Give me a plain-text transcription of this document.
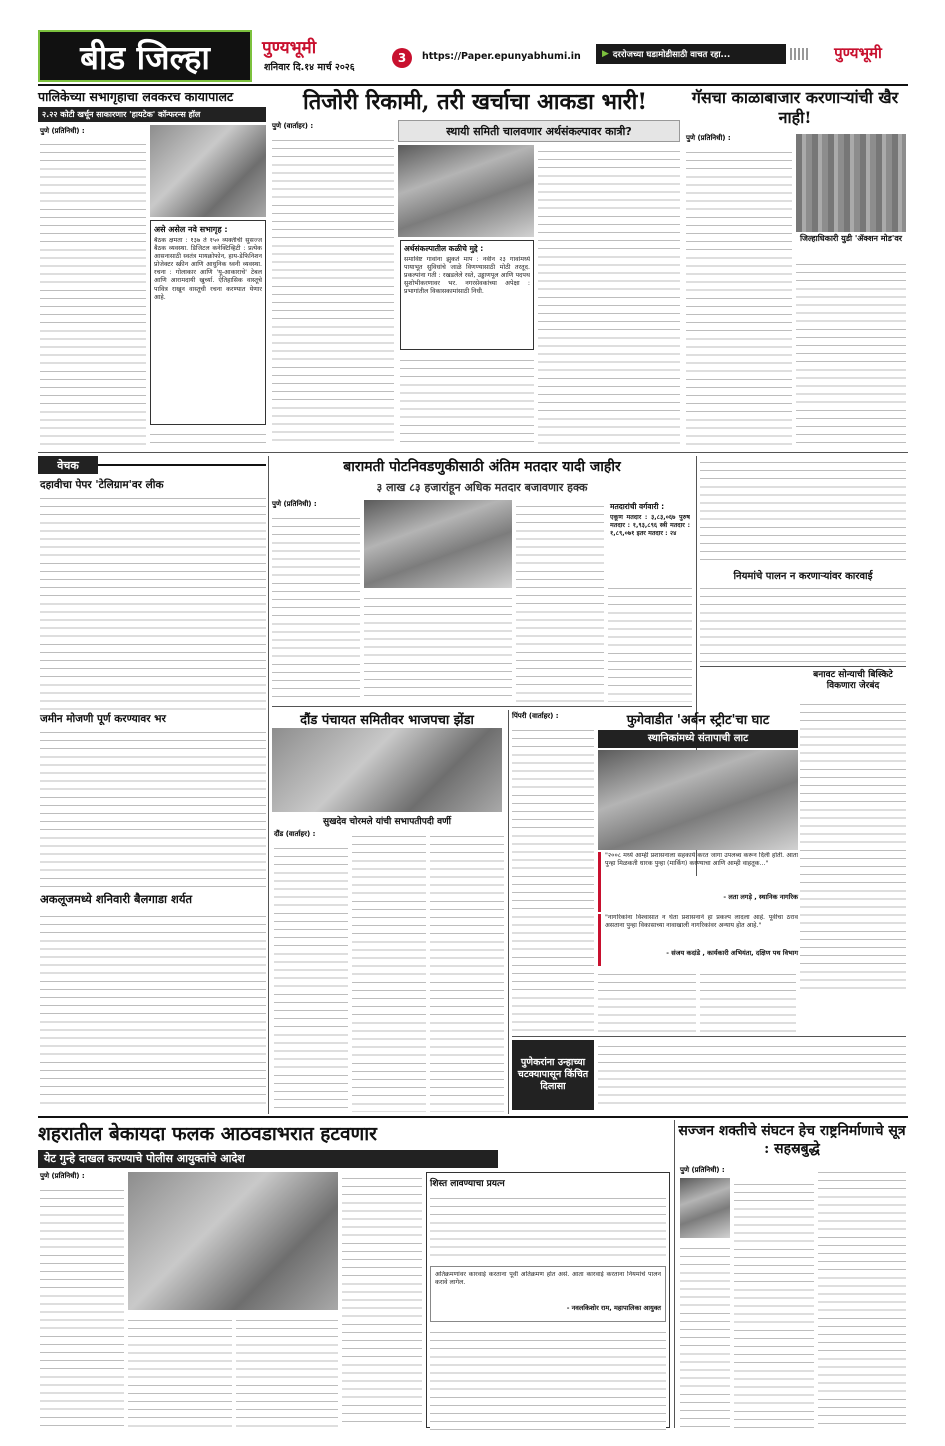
बीड जिल्हा	पुण्यभूमी
शनिवार दि.१४ मार्च २०२६
3 https://Paper.epunyabhumi.in ▶ दररोजच्या घडामोडीसाठी वाचत रहा...	पुण्यभूमी
पालिकेच्या सभागृहाचा लवकरच कायापालट
२.२२ कोटी खर्चून साकारणार 'हायटेक' कॉन्फरन्स हॉल
पुणे (प्रतिनिधी) :
असे असेल नवे सभागृह :
बैठक क्षमता : १३७ ते १५० व्यक्तींची सुसज्ज बैठक व्यवस्था. डिजिटल कनेक्टिव्हिटी : प्रत्येक आसनासाठी स्वतंत्र मायक्रोफोन, हाय-डेफिनिशन प्रोजेक्टर स्क्रीन आणि आधुनिक ध्वनी व्यवस्था. रचना : गोलाकार आणि 'यू-आकाराचे' टेबल आणि आरामदायी खुर्च्या. ऐतिहासिक वास्तूचे पावित्र राखून वास्तूची रचना करण्यात येणार आहे.
तिजोरी रिकामी, तरी खर्चाचा आकडा भारी!
पुणे (वार्ताहर) :	स्थायी समिती चालवणार अर्थसंकल्पावर कात्री?
अर्थसंकल्पातील कळीचे मुद्दे :
समाविष्ट गावांना झुकते माप : नवीन २३ गावांमध्ये पायाभूत सुविधांचे जाळे विणण्यासाठी मोठी तरतूद. प्रकल्पांना गती : रखडलेले रस्ते, उड्डाणपूल आणि पदपथ सुशोभीकरणावर भर. नगरसेवकांच्या अपेक्षा : प्रभागांतील विकासकामांसाठी निधी.
गॅसचा काळाबाजार करणाऱ्यांची खैर नाही!
पुणे (प्रतिनिधी) :
जिल्हाधिकारी युडी 'ॲक्शन मोड'वर
वेचक
दहावीचा पेपर 'टेलिग्राम'वर लीक
जमीन मोजणी पूर्ण करण्यावर भर
अकलूजमध्ये शनिवारी बैलगाडा शर्यत
बारामती पोटनिवडणुकीसाठी अंतिम मतदार यादी जाहीर
३ लाख ८३ हजारांहून अधिक मतदार बजावणार हक्क
पुणे (प्रतिनिधी) :	मतदारांची वर्गवारी :
एकूण मतदार : ३,८३,०६७ पुरुष मतदार : १,९३,८९६ स्त्री मतदार : १,८९,०७१ इतर मतदार : २४
नियमांचे पालन न करणाऱ्यांवर कारवाई
बनावट सोन्याची बिस्किटे विकणारा जेरबंद
दौंड पंचायत समितीवर भाजपचा झेंडा
सुखदेव चोरमले यांची सभापतीपदी वर्णी
दौंड (वार्ताहर) :
पिंपरी (वार्ताहर) :	फुगेवाडीत 'अर्बन स्ट्रीट'चा घाट
स्थानिकांमध्ये संतापाची लाट
"२००८ मध्ये आम्ही प्रशासनाला सहकार्य करत जागा उपलब्ध करून दिली होती. आता पुन्हा मिळकती धारक पुन्हा (मार्किंग) करण्याचा आणि आम्ही वाहतूक..."
- लता लगड़े , स्थानिक नागरिक
"नागरिकांना विश्वासात न घेता प्रशासनाने हा प्रकल्प लादला आहे. पूर्वीचा ठराव असताना पुन्हा विकासाच्या नावाखाली नागरिकांवर अन्याय होत आहे."
- संजय कदांडे , कार्यकारी अभियंता, दक्षिण पथ विभाग
पुणेकरांना उन्हाच्या चटक्यापासून किंचित दिलासा
शहरातील बेकायदा फलक आठवडाभरात हटवणार
येट गुन्हे दाखल करण्याचे पोलीस आयुक्तांचे आदेश
पुणे (प्रतिनिधी) :
शिस्त लावण्याचा प्रयत्न
अतिक्रमणांवर कारवाई करताना पूर्वी अतिक्रमण होत असे. आता कारवाई करताना नियमांचे पालन करावे लागेल.
- नवलकिशोर राम, महापालिका आयुक्त
सज्जन शक्तीचे संघटन हेच राष्ट्रनिर्माणाचे सूत्र : सहस्रबुद्धे
पुणे (प्रतिनिधी) :
